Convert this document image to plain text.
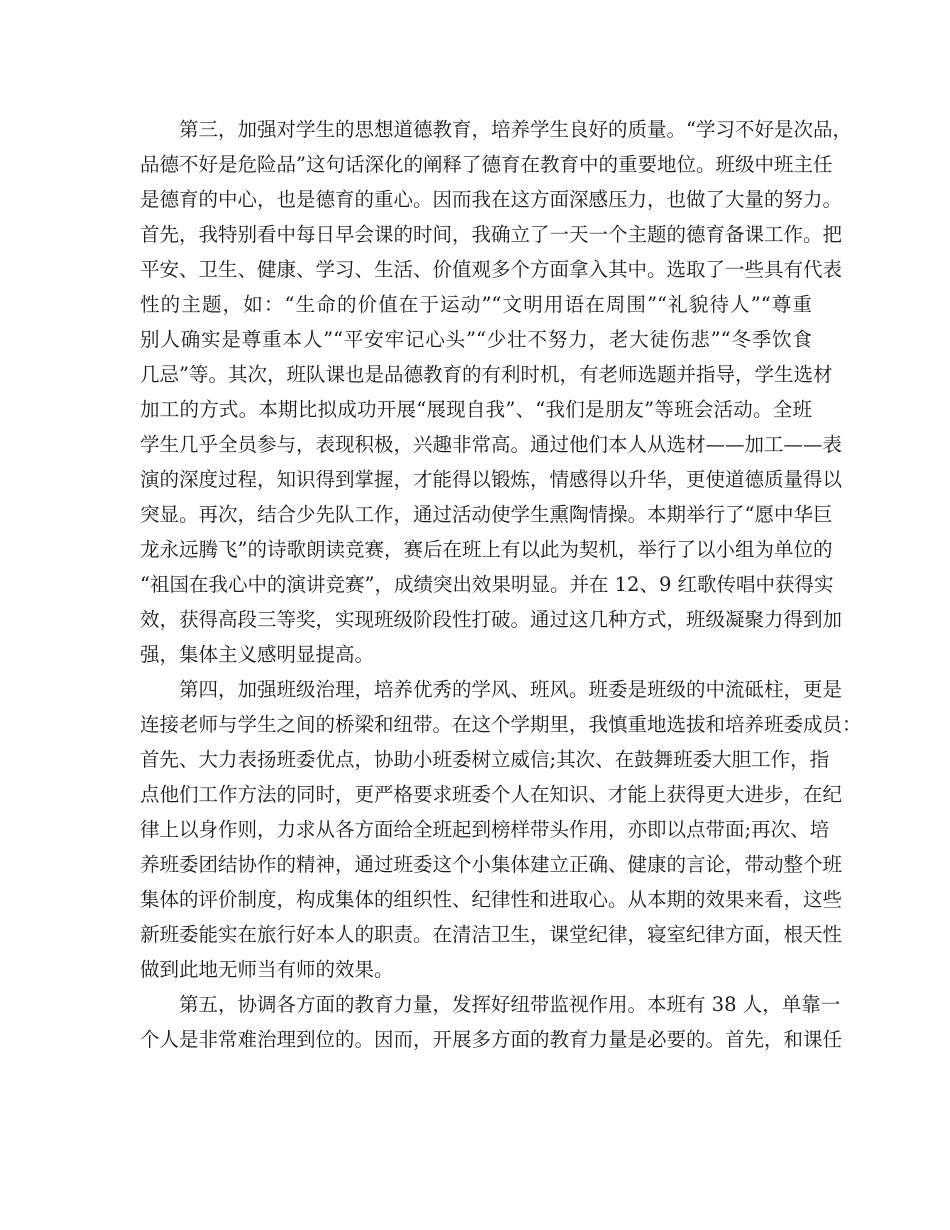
第三，加强对学生的思想道德教育，培养学生良好的质量。“学习不好是次品，
品德不好是危险品”这句话深化的阐释了德育在教育中的重要地位。班级中班主任
是德育的中心，也是德育的重心。因而我在这方面深感压力，也做了大量的努力。
首先，我特别看中每日早会课的时间，我确立了一天一个主题的德育备课工作。把
平安、卫生、健康、学习、生活、价值观多个方面拿入其中。选取了一些具有代表
性的主题，如：“生命的价值在于运动”“文明用语在周围”“礼貌待人”“尊重
别人确实是尊重本人”“平安牢记心头”“少壮不努力，老大徒伤悲”“冬季饮食
几忌”等。其次，班队课也是品德教育的有利时机，有老师选题并指导，学生选材
加工的方式。本期比拟成功开展“展现自我”、“我们是朋友”等班会活动。全班
学生几乎全员参与，表现积极，兴趣非常高。通过他们本人从选材——加工——表
演的深度过程，知识得到掌握，才能得以锻炼，情感得以升华，更使道德质量得以
突显。再次，结合少先队工作，通过活动使学生熏陶情操。本期举行了“愿中华巨
龙永远腾飞”的诗歌朗读竞赛，赛后在班上有以此为契机，举行了以小组为单位的
“祖国在我心中的演讲竞赛”，成绩突出效果明显。并在 12、9 红歌传唱中获得实
效，获得高段三等奖，实现班级阶段性打破。通过这几种方式，班级凝聚力得到加
强，集体主义感明显提高。
第四，加强班级治理，培养优秀的学风、班风。班委是班级的中流砥柱，更是
连接老师与学生之间的桥梁和纽带。在这个学期里，我慎重地选拔和培养班委成员：
首先、大力表扬班委优点，协助小班委树立威信;其次、在鼓舞班委大胆工作，指
点他们工作方法的同时，更严格要求班委个人在知识、才能上获得更大进步，在纪
律上以身作则，力求从各方面给全班起到榜样带头作用，亦即以点带面;再次、培
养班委团结协作的精神，通过班委这个小集体建立正确、健康的言论，带动整个班
集体的评价制度，构成集体的组织性、纪律性和进取心。从本期的效果来看，这些
新班委能实在旅行好本人的职责。在清洁卫生，课堂纪律，寝室纪律方面，根天性
做到此地无师当有师的效果。
第五，协调各方面的教育力量，发挥好纽带监视作用。本班有 38 人，单靠一
个人是非常难治理到位的。因而，开展多方面的教育力量是必要的。首先，和课任
